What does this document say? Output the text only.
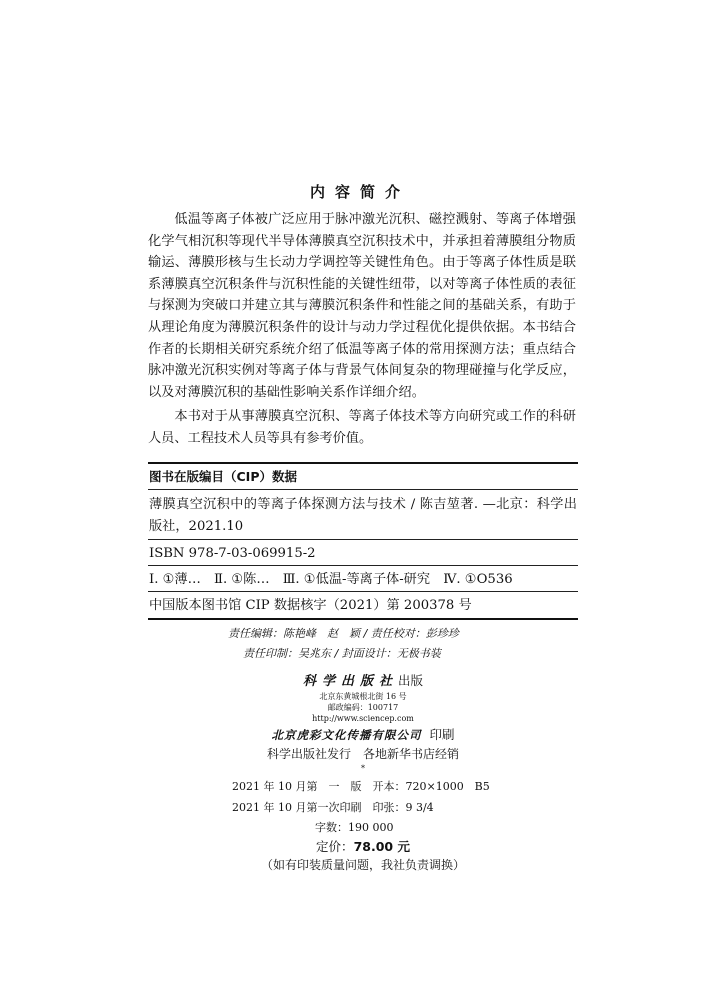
内容简介

低温等离子体被广泛应用于脉冲激光沉积、磁控溅射、等离子体增强化学气相沉积等现代半导体薄膜真空沉积技术中，并承担着薄膜组分物质输运、薄膜形核与生长动力学调控等关键性角色。由于等离子体性质是联系薄膜真空沉积条件与沉积性能的关键性纽带，以对等离子体性质的表征与探测为突破口并建立其与薄膜沉积条件和性能之间的基础关系，有助于从理论角度为薄膜沉积条件的设计与动力学过程优化提供依据。本书结合作者的长期相关研究系统介绍了低温等离子体的常用探测方法；重点结合脉冲激光沉积实例对等离子体与背景气体间复杂的物理碰撞与化学反应，以及对薄膜沉积的基础性影响关系作详细介绍。

本书对于从事薄膜真空沉积、等离子体技术等方向研究或工作的科研人员、工程技术人员等具有参考价值。

图书在版编目（CIP）数据
薄膜真空沉积中的等离子体探测方法与技术 / 陈吉堃著. —北京：科学出版社，2021.10
ISBN 978-7-03-069915-2
Ⅰ. ①薄…　Ⅱ. ①陈…　Ⅲ. ①低温-等离子体-研究　Ⅳ. ①O536
中国版本图书馆 CIP 数据核字（2021）第 200378 号
责任编辑：陈艳峰　赵　颖 / 责任校对：彭珍珍
责任印制：吴兆东 / 封面设计：无极书装
科学出版社出版
北京东黄城根北街 16 号
邮政编码：100717
http://www.sciencep.com
北京虎彩文化传播有限公司 印刷
科学出版社发行　各地新华书店经销
*
2021 年 10 月第　一　版　开本：720×1000　B5
2021 年 10 月第一次印刷　印张：9 3/4
字数：190 000
定价：78.00 元
（如有印装质量问题，我社负责调换）
